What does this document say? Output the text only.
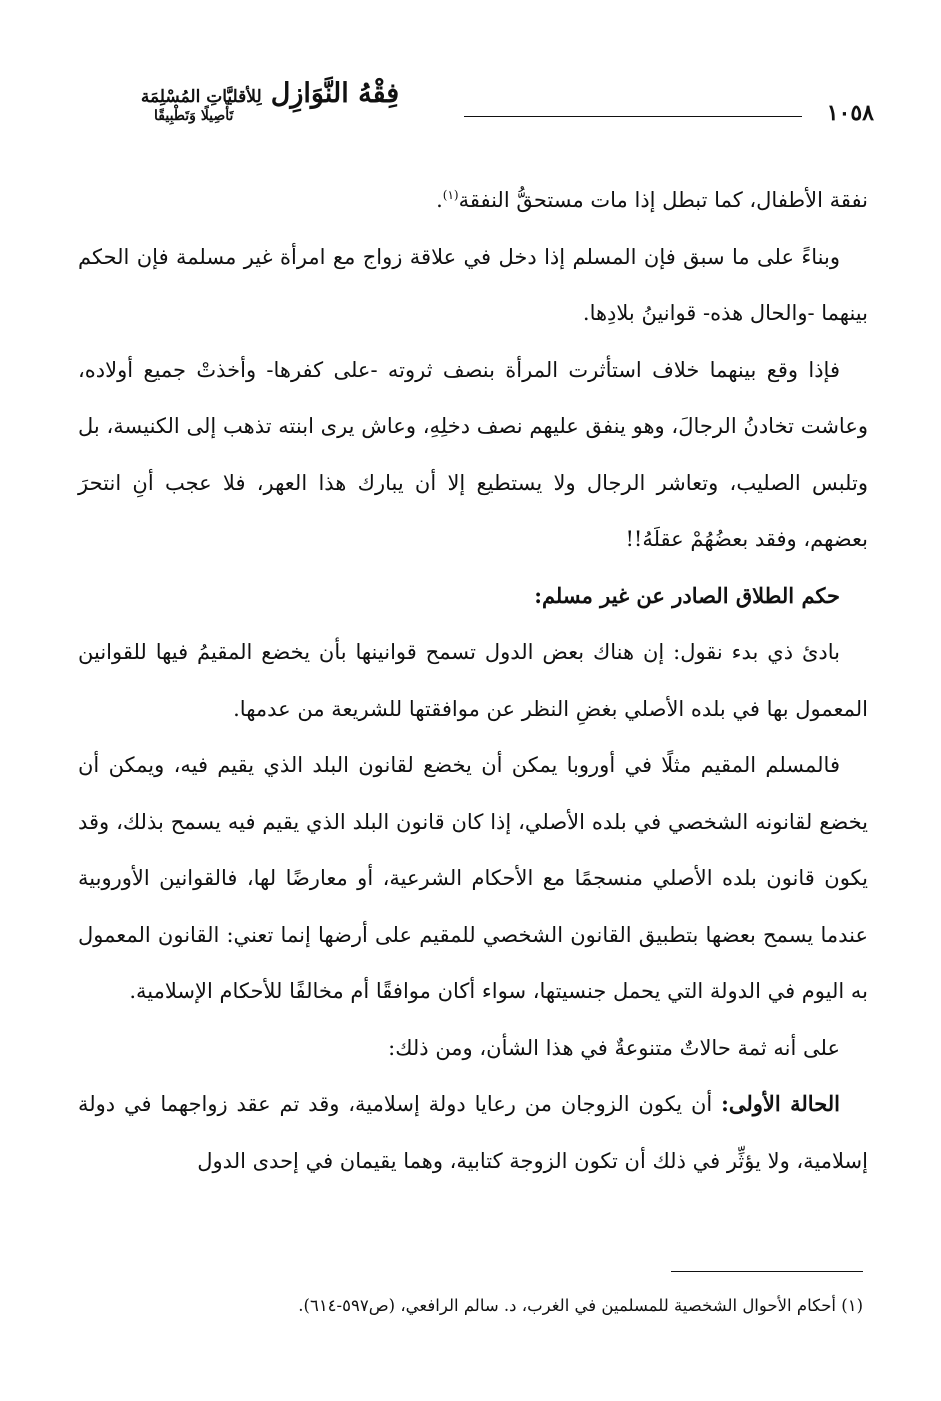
١٠٥٨
فِقْهُ النَّوَازِل لِلأقليَّاتِ المُسْلِمَة
تَأْصِيلًا وَتَطْبِيقًا

نفقة الأطفال، كما تبطل إذا مات مستحقُّ النفقة$^{(١)}$.

وبناءً على ما سبق فإن المسلم إذا دخل في علاقة زواج مع امرأة غير مسلمة فإن الحكم بينهما -والحال هذه- قوانينُ بلادِها.

فإذا وقع بينهما خلاف استأثرت المرأة بنصف ثروته -على كفرها- وأخذتْ جميع أولاده، وعاشت تخادنُ الرجالَ، وهو ينفق عليهم نصف دخلِهِ، وعاش يرى ابنته تذهب إلى الكنيسة، بل وتلبس الصليب، وتعاشر الرجال ولا يستطيع إلا أن يبارك هذا العهر، فلا عجب أنِ انتحرَ بعضهم، وفقد بعضُهُمْ عقلَهُ!!

حكم الطلاق الصادر عن غير مسلم:

بادئ ذي بدء نقول: إن هناك بعض الدول تسمح قوانينها بأن يخضع المقيمُ فيها للقوانين المعمول بها في بلده الأصلي بغضِ النظر عن موافقتها للشريعة من عدمها.

فالمسلم المقيم مثلًا في أوروبا يمكن أن يخضع لقانون البلد الذي يقيم فيه، ويمكن أن يخضع لقانونه الشخصي في بلده الأصلي، إذا كان قانون البلد الذي يقيم فيه يسمح بذلك، وقد يكون قانون بلده الأصلي منسجمًا مع الأحكام الشرعية، أو معارضًا لها، فالقوانين الأوروبية عندما يسمح بعضها بتطبيق القانون الشخصي للمقيم على أرضها إنما تعني: القانون المعمول به اليوم في الدولة التي يحمل جنسيتها، سواء أكان موافقًا أم مخالفًا للأحكام الإسلامية.

على أنه ثمة حالاتٌ متنوعةٌ في هذا الشأن، ومن ذلك:

الحالة الأولى: أن يكون الزوجان من رعايا دولة إسلامية، وقد تم عقد زواجهما في دولة إسلامية، ولا يؤثِّر في ذلك أن تكون الزوجة كتابية، وهما يقيمان في إحدى الدول

(١) أحكام الأحوال الشخصية للمسلمين في الغرب، د. سالم الرافعي، (ص٥٩٧-٦١٤).
